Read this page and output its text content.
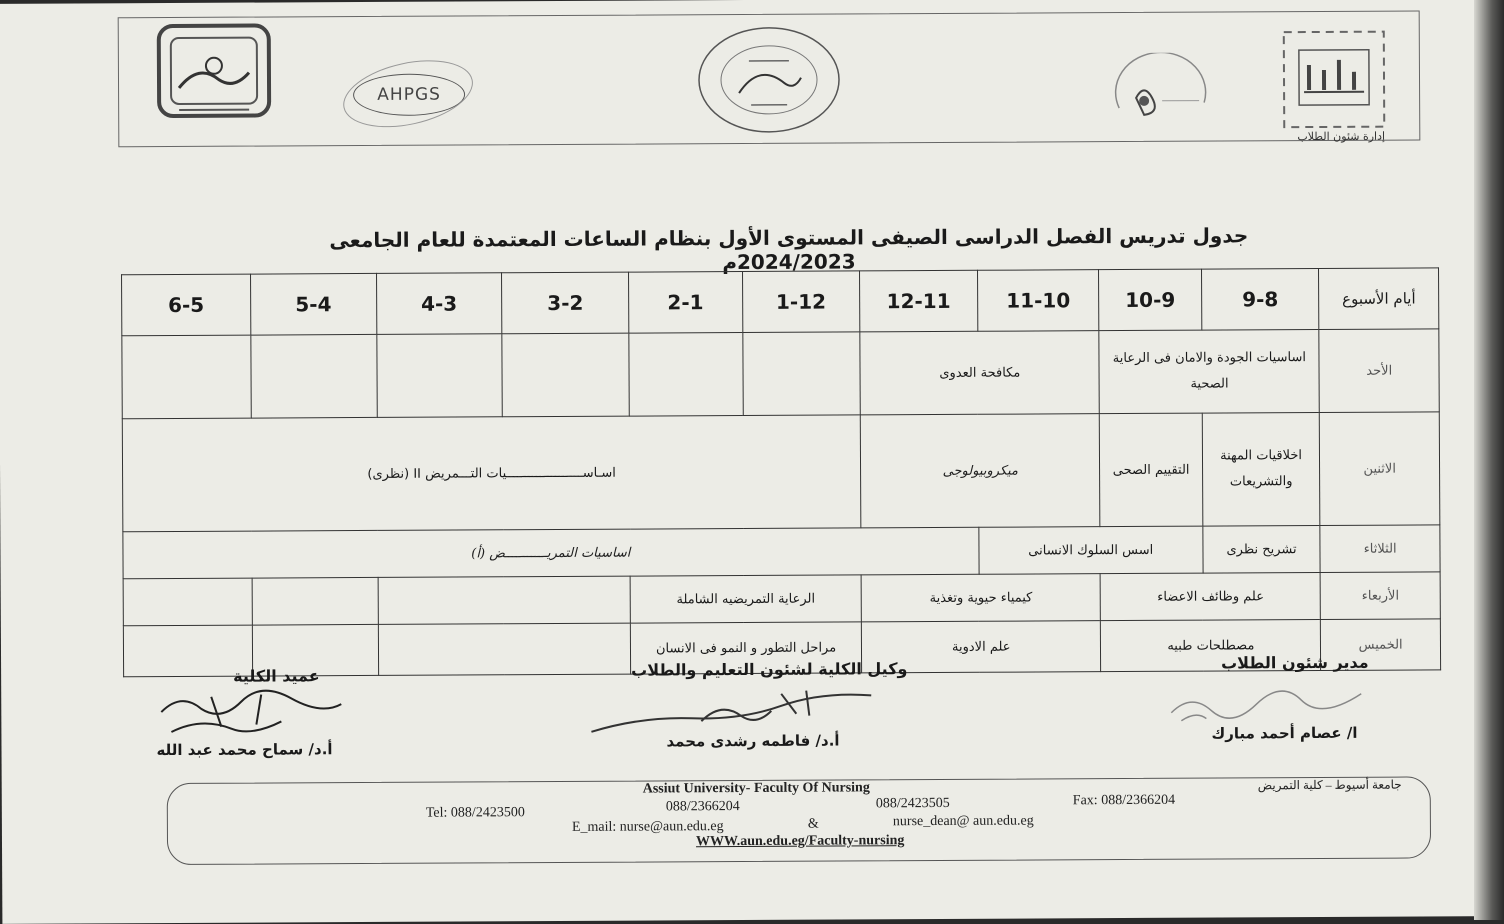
AHPGS
إدارة شئون الطلاب
جدول تدريس الفصل الدراسى الصيفى المستوى الأول بنظام الساعات المعتمدة للعام الجامعى 2024/2023م
أيام الأسبوع	9-8	10-9	11-10	12-11	1-12	2-1	3-2	4-3	5-4	6-5
الأحد	اساسيات الجودة والامان فى الرعاية الصحية		مكافحة العدوى							
الاثنين	اخلاقيات المهنة والتشريعات	التقييم الصحى	ميكروبيولوجى		اسـاســــــــــــــــــــيات التـــمريض II (نظرى)					
الثلاثاء	تشريح نظرى	اسس السلوك الانسانى		اساسيات التمريـــــــــــض (أ)						
الأربعاء	علم وظائف الاعضاء		كيمياء حيوية وتغذية		الرعاية التمريضيه الشاملة					
الخميس	مصطلحات طبيه		علم الادوية		مراحل التطور و النمو فى الانسان					
مدير شئون الطلاب
ا/ عصام أحمد مبارك
وكيل الكلية لشئون التعليم والطلاب
أ.د/ فاطمه رشدى محمد
عميد الكلية
أ.د/ سماح محمد عبد الله
Assiut University- Faculty Of Nursing	جامعة أسيوط – كلية التمريض
Tel: 088/2423500	088/2366204	088/2423505	Fax: 088/2366204
E_mail: nurse@aun.edu.eg	&	nurse_dean@ aun.edu.eg
WWW.aun.edu.eg/Faculty-nursing
